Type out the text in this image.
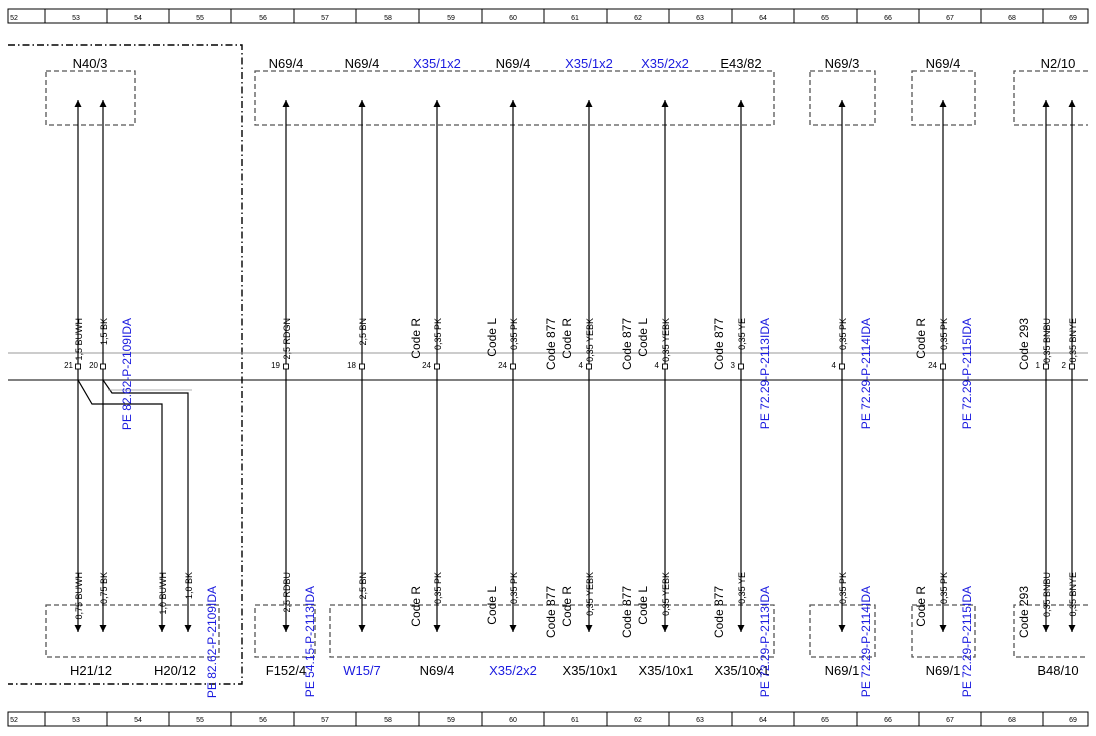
52	53	54	55	56	57	58	59	60	61	62	63	64	65	66	67	68	69
52	53	54	55	56	57	58	59	60	61	62	63	64	65	66	67	68	69
N40/3	N69/4	N69/4	X35/1x2	N69/4	X35/1x2 X35/2x2 E43/82	N69/3	N69/4	N2/10
H21/12	H20/12	F152/4	W15/7	N69/4	X35/2x2 X35/10x1 X35/10x1 X35/10x1	N69/1	N69/1	B48/10
21 20	19	18	24	24	4	4	3	4	24	1	2
1,5 BUWH 1,5 BK	2,5 RDGN	2,5 BN	0,35 PK	0,35 PK	0,35 YEBK	0,35 YEBK	0,35 YE	0,35 PK	0,35 PK	0,35 BNBU 0,35 BNYE
0,75 BUWH 0,75 BK	1,0 BUWH 1,0 BK	2,5 RDBU	2,5 BN	0,35 PK	0,35 PK	0,35 YEBK	0,35 YEBK	0,35 YE	0,35 PK	0,35 PK	0,35 BNBU 0,35 BNYE
Code R	Code L	Code 877 Code R	Code 877 Code L	Code 877	Code R	Code 293
Code R	Code L	Code 877 Code R	Code 877 Code L	Code 877	Code R	Code 293
PE 82.62-P-2109IDA	PE 72.29-P-2113IDA	PE 72.29-P-2114IDA	PE 72.29-P-2115IDA
PE 82.62-P-2109IDA	PE 54.15-P-2113IDA	PE 72.29-P-2113IDA	PE 72.29-P-2114IDA	PE 72.29-P-2115IDA
